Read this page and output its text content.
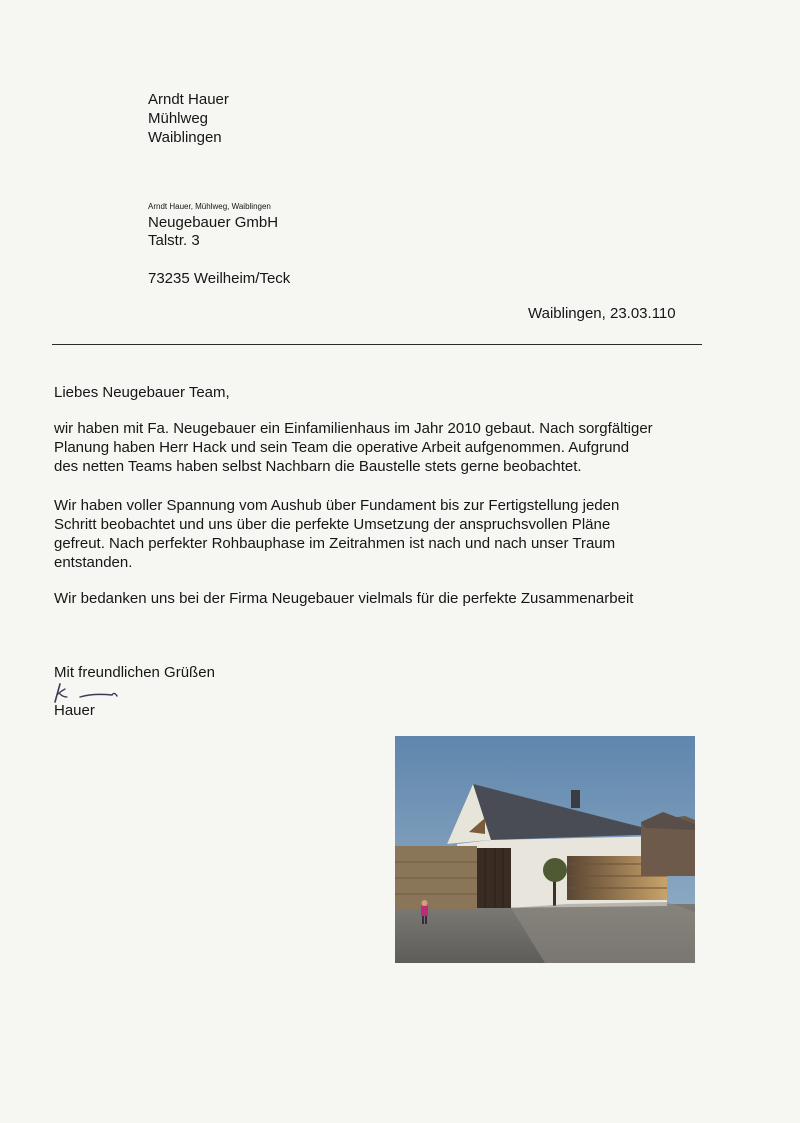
Arndt Hauer
Mühlweg
Waiblingen
Arndt Hauer, Mühlweg, Waiblingen
Neugebauer GmbH
Talstr. 3
73235 Weilheim/Teck
Waiblingen, 23.03.110
Liebes Neugebauer Team,
wir haben mit Fa. Neugebauer ein Einfamilienhaus im Jahr 2010 gebaut. Nach sorgfältiger
Planung haben Herr Hack und sein Team die operative Arbeit aufgenommen. Aufgrund
des netten Teams haben selbst Nachbarn die Baustelle stets gerne beobachtet.
Wir haben voller Spannung vom Aushub über Fundament bis zur Fertigstellung jeden
Schritt beobachtet und uns über die perfekte Umsetzung der anspruchsvollen Pläne
gefreut. Nach perfekter Rohbauphase im Zeitrahmen ist nach und nach unser Traum
entstanden.
Wir bedanken uns bei der Firma Neugebauer vielmals für die perfekte Zusammenarbeit
Mit freundlichen Grüßen
Hauer
